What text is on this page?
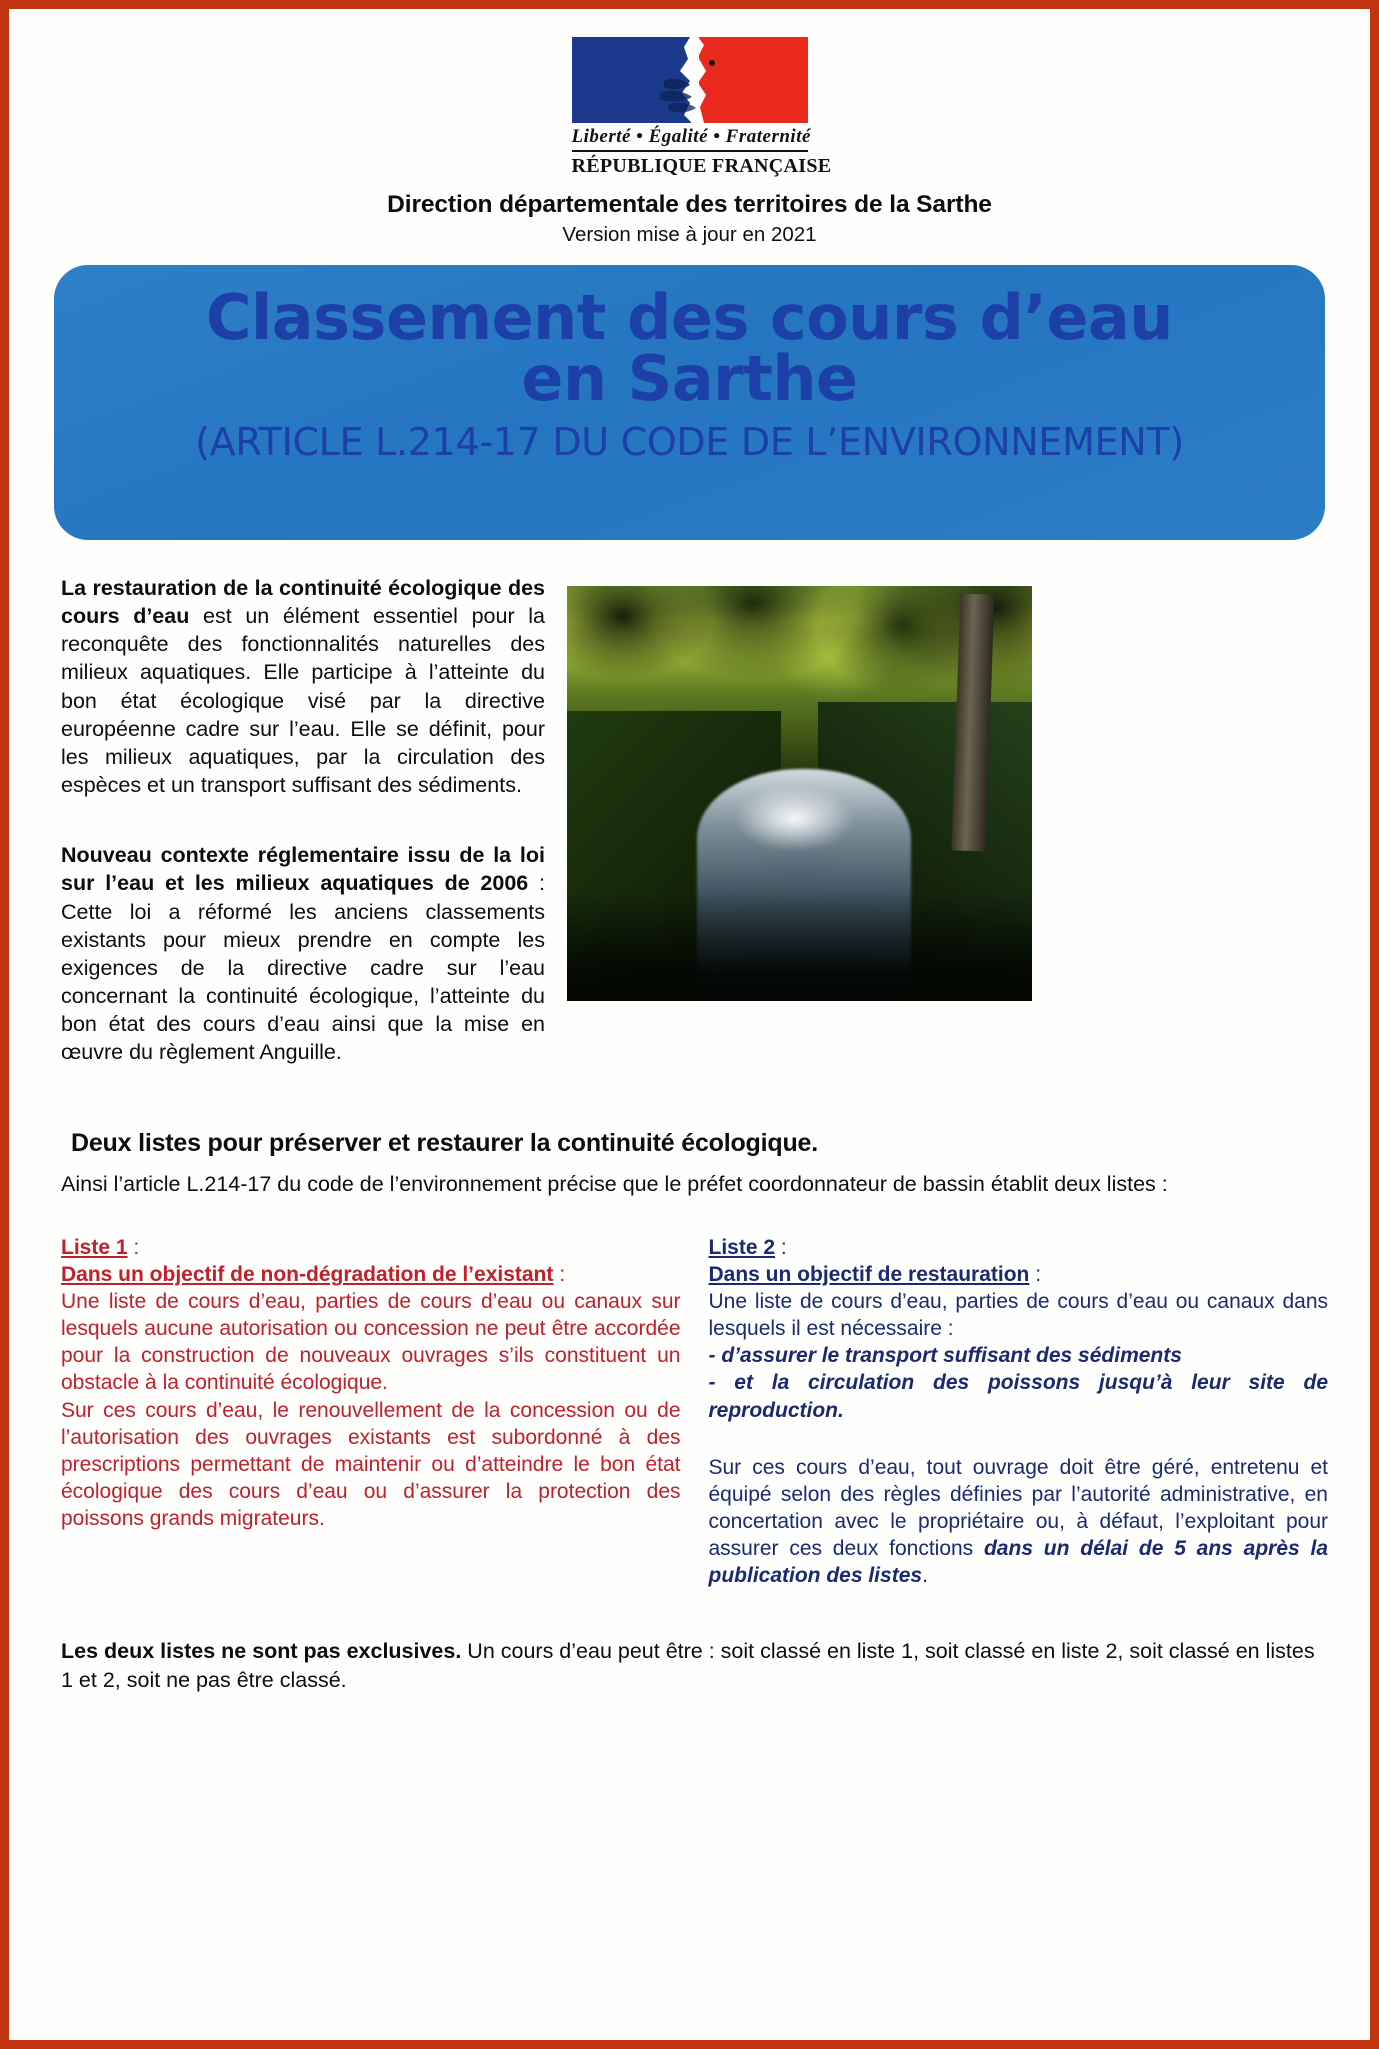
Liberté • Égalité • Fraternité
RÉPUBLIQUE FRANÇAISE
Direction départementale des territoires de la Sarthe
Version mise à jour en 2021
Classement des cours d’eau
en Sarthe
(ARTICLE L.214-17 DU CODE DE L’ENVIRONNEMENT)

La restauration de la continuité écologique des cours d’eau est un élément essentiel pour la reconquête des fonctionnalités naturelles des milieux aquatiques. Elle participe à l’atteinte du bon état écologique visé par la directive européenne cadre sur l’eau. Elle se définit, pour les milieux aquatiques, par la circulation des espèces et un transport suffisant des sédiments.

Nouveau contexte réglementaire issu de la loi sur l’eau et les milieux aquatiques de 2006 : Cette loi a réformé les anciens classements existants pour mieux prendre en compte les exigences de la directive cadre sur l’eau concernant la continuité écologique, l’atteinte du bon état des cours d’eau ainsi que la mise en œuvre du règlement Anguille.

Deux listes pour préserver et restaurer la continuité écologique.
Ainsi l’article L.214-17 du code de l’environnement précise que le préfet coordonnateur de bassin établit deux listes :

Liste 1 :

Dans un objectif de non-dégradation de l’existant :

Une liste de cours d’eau, parties de cours d’eau ou canaux sur lesquels aucune autorisation ou concession ne peut être accordée pour la construction de nouveaux ouvrages s’ils constituent un obstacle à la continuité écologique.

Sur ces cours d’eau, le renouvellement de la concession ou de l’autorisation des ouvrages existants est subordonné à des prescriptions permettant de maintenir ou d’atteindre le bon état écologique des cours d’eau ou d’assurer la protection des poissons grands migrateurs.

Liste 2 :

Dans un objectif de restauration :

Une liste de cours d’eau, parties de cours d’eau ou canaux dans lesquels il est nécessaire :

- d’assurer le transport suffisant des sédiments

- et la circulation des poissons jusqu’à leur site de reproduction.

Sur ces cours d’eau, tout ouvrage doit être géré, entretenu et équipé selon des règles définies par l’autorité administrative, en concertation avec le propriétaire ou, à défaut, l’exploitant pour assurer ces deux fonctions dans un délai de 5 ans après la publication des listes.

Les deux listes ne sont pas exclusives. Un cours d’eau peut être : soit classé en liste 1, soit classé en liste 2, soit classé en listes 1 et 2, soit ne pas être classé.
